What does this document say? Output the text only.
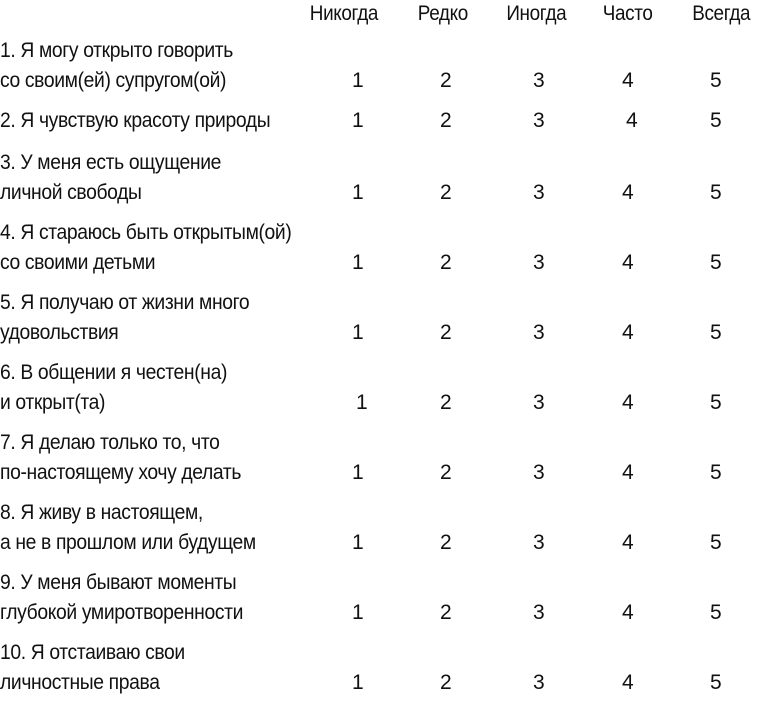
Никогда Редко Иногда Часто Всегда
1. Я могу открыто говорить
со своим(ей) супругом(ой)	1	2	3	4	5
2. Я чувствую красоту природы	1	2	3	4	5
3. У меня есть ощущение
личной свободы	1	2	3	4	5
4. Я стараюсь быть открытым(ой)
со своими детьми	1	2	3	4	5
5. Я получаю от жизни много
удовольствия	1	2	3	4	5
6. В общении я честен(на)
и открыт(та)	1	2	3	4	5
7. Я делаю только то, что
по-настоящему хочу делать	1	2	3	4	5
8. Я живу в настоящем,
а не в прошлом или будущем	1	2	3	4	5
9. У меня бывают моменты
глубокой умиротворенности	1	2	3	4	5
10. Я отстаиваю свои
личностные права	1	2	3	4	5
